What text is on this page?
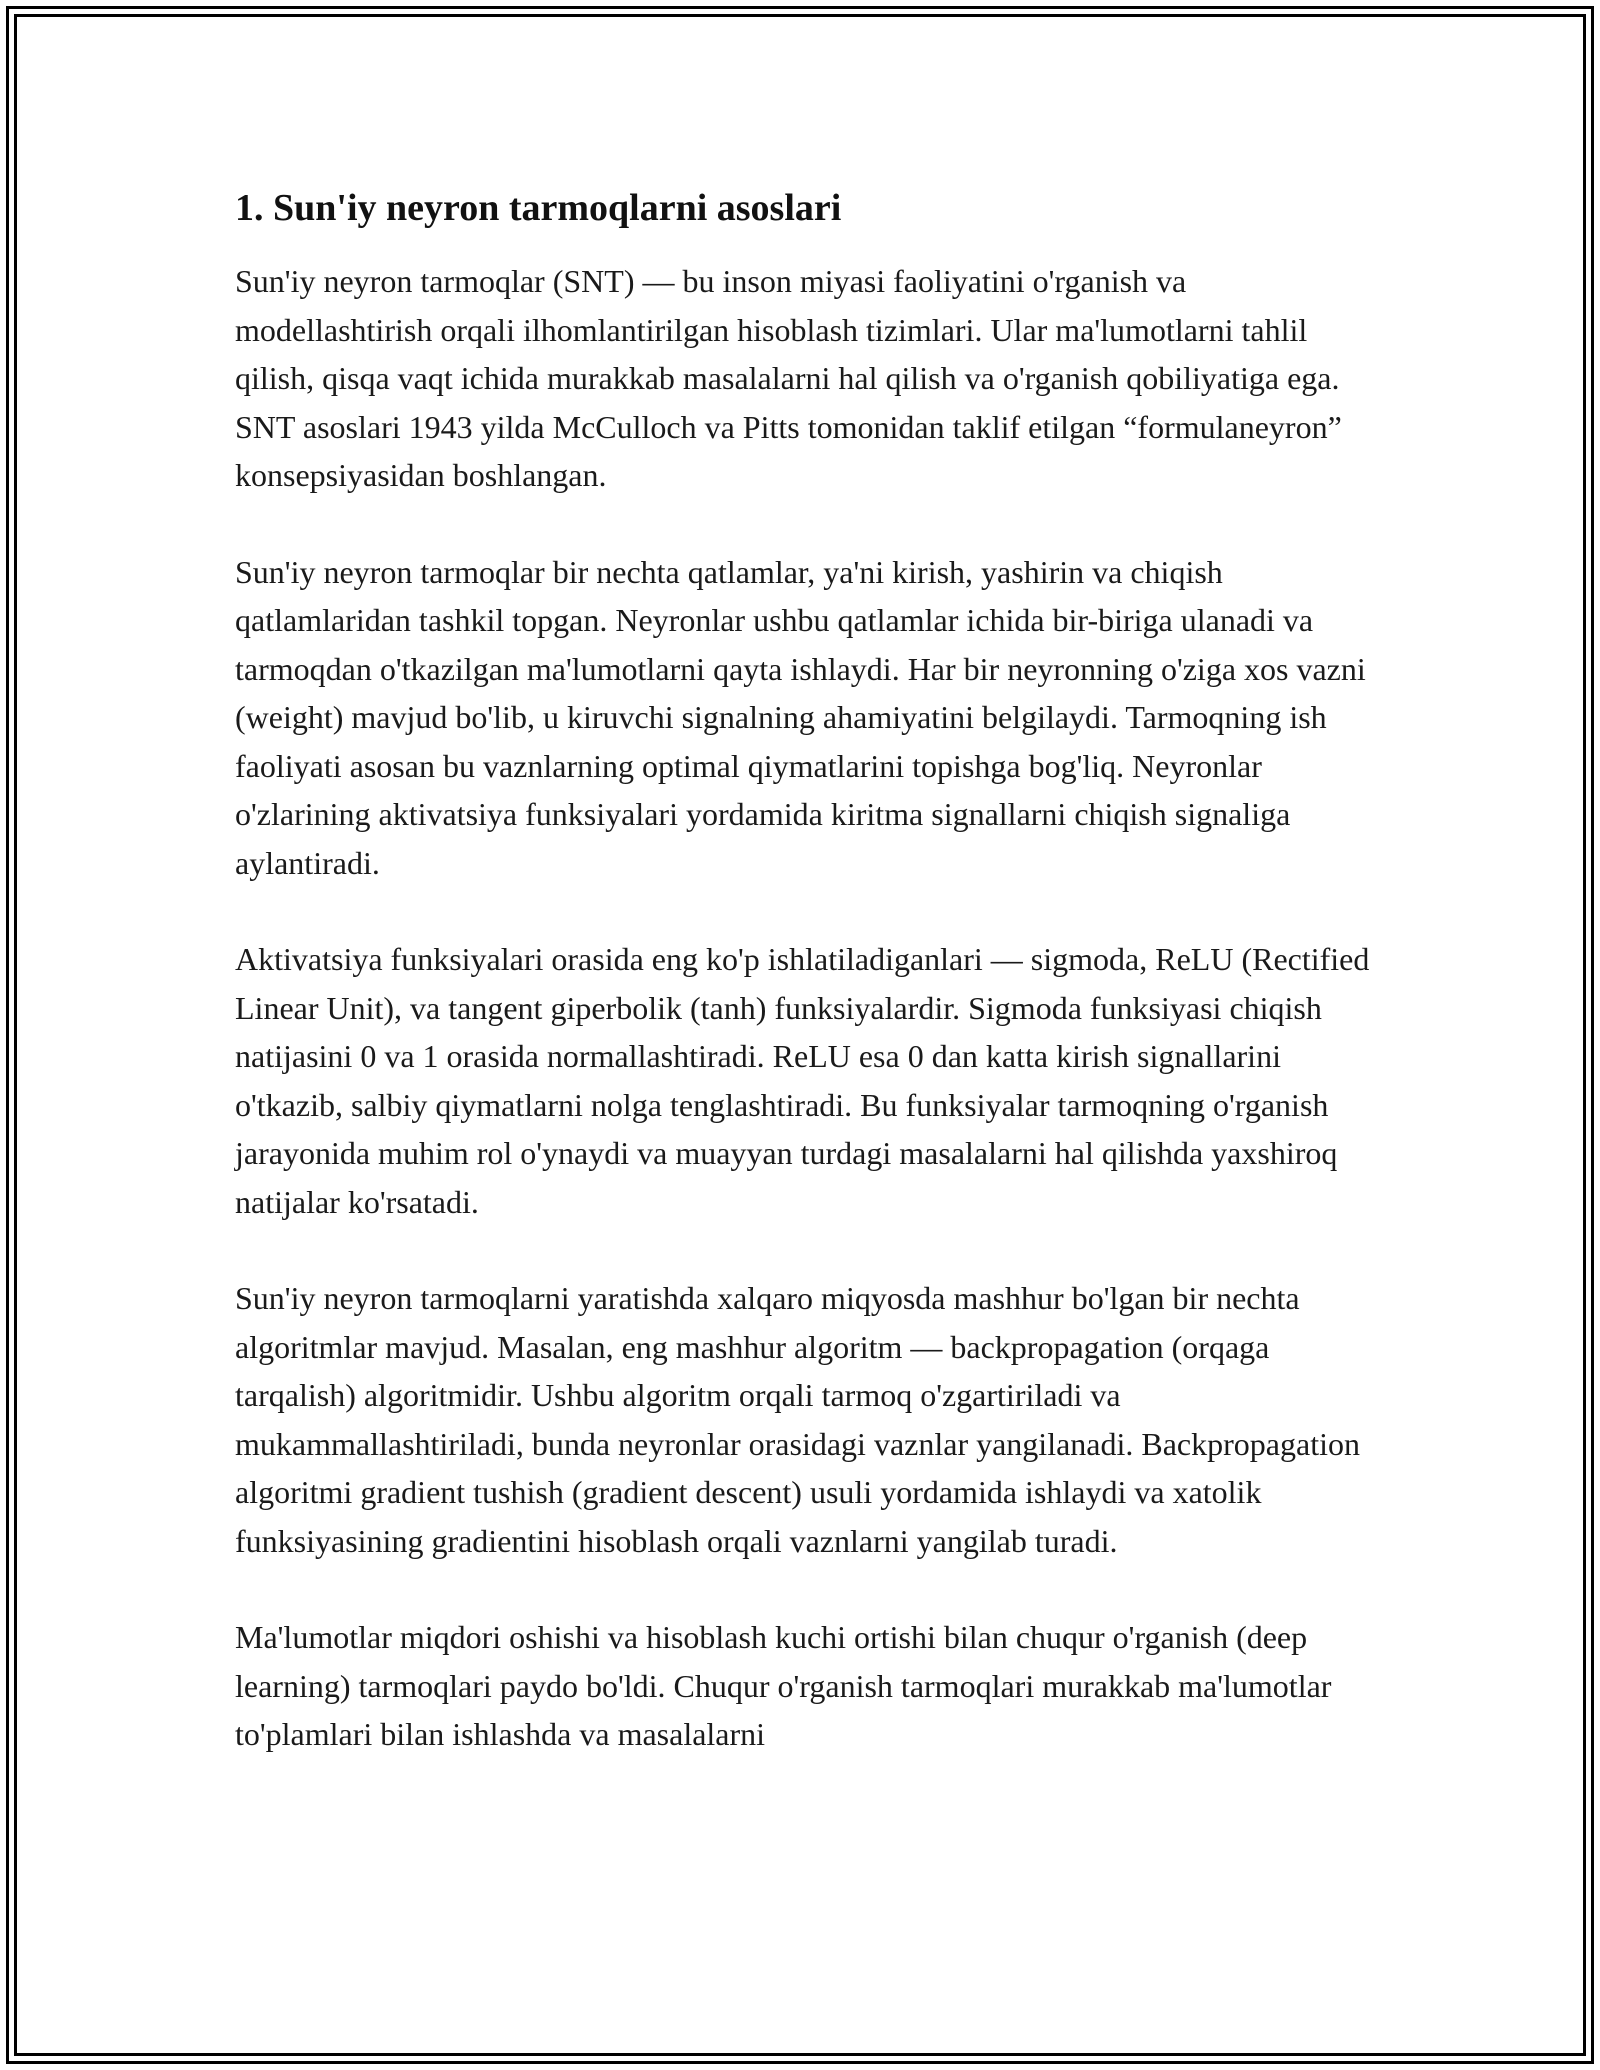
1. Sun'iy neyron tarmoqlarni asoslari

Sun'iy neyron tarmoqlar (SNT) — bu inson miyasi faoliyatini o'rganish va modellashtirish orqali ilhomlantirilgan hisoblash tizimlari. Ular ma'lumotlarni tahlil qilish, qisqa vaqt ichida murakkab masalalarni hal qilish va o'rganish qobiliyatiga ega. SNT asoslari 1943 yilda McCulloch va Pitts tomonidan taklif etilgan “formulaneyron” konsepsiyasidan boshlangan.

Sun'iy neyron tarmoqlar bir nechta qatlamlar, ya'ni kirish, yashirin va chiqish qatlamlaridan tashkil topgan. Neyronlar ushbu qatlamlar ichida bir-biriga ulanadi va tarmoqdan o'tkazilgan ma'lumotlarni qayta ishlaydi. Har bir neyronning o'ziga xos vazni (weight) mavjud bo'lib, u kiruvchi signalning ahamiyatini belgilaydi. Tarmoqning ish faoliyati asosan bu vaznlarning optimal qiymatlarini topishga bog'liq. Neyronlar o'zlarining aktivatsiya funksiyalari yordamida kiritma signallarni chiqish signaliga aylantiradi.

Aktivatsiya funksiyalari orasida eng ko'p ishlatiladiganlari — sigmoda, ReLU (Rectified Linear Unit), va tangent giperbolik (tanh) funksiyalardir. Sigmoda funksiyasi chiqish natijasini 0 va 1 orasida normallashtiradi. ReLU esa 0 dan katta kirish signallarini o'tkazib, salbiy qiymatlarni nolga tenglashtiradi. Bu funksiyalar tarmoqning o'rganish jarayonida muhim rol o'ynaydi va muayyan turdagi masalalarni hal qilishda yaxshiroq natijalar ko'rsatadi.

Sun'iy neyron tarmoqlarni yaratishda xalqaro miqyosda mashhur bo'lgan bir nechta algoritmlar mavjud. Masalan, eng mashhur algoritm — backpropagation (orqaga tarqalish) algoritmidir. Ushbu algoritm orqali tarmoq o'zgartiriladi va mukammallashtiriladi, bunda neyronlar orasidagi vaznlar yangilanadi. Backpropagation algoritmi gradient tushish (gradient descent) usuli yordamida ishlaydi va xatolik funksiyasining gradientini hisoblash orqali vaznlarni yangilab turadi.

Ma'lumotlar miqdori oshishi va hisoblash kuchi ortishi bilan chuqur o'rganish (deep learning) tarmoqlari paydo bo'ldi. Chuqur o'rganish tarmoqlari murakkab ma'lumotlar to'plamlari bilan ishlashda va masalalarni
